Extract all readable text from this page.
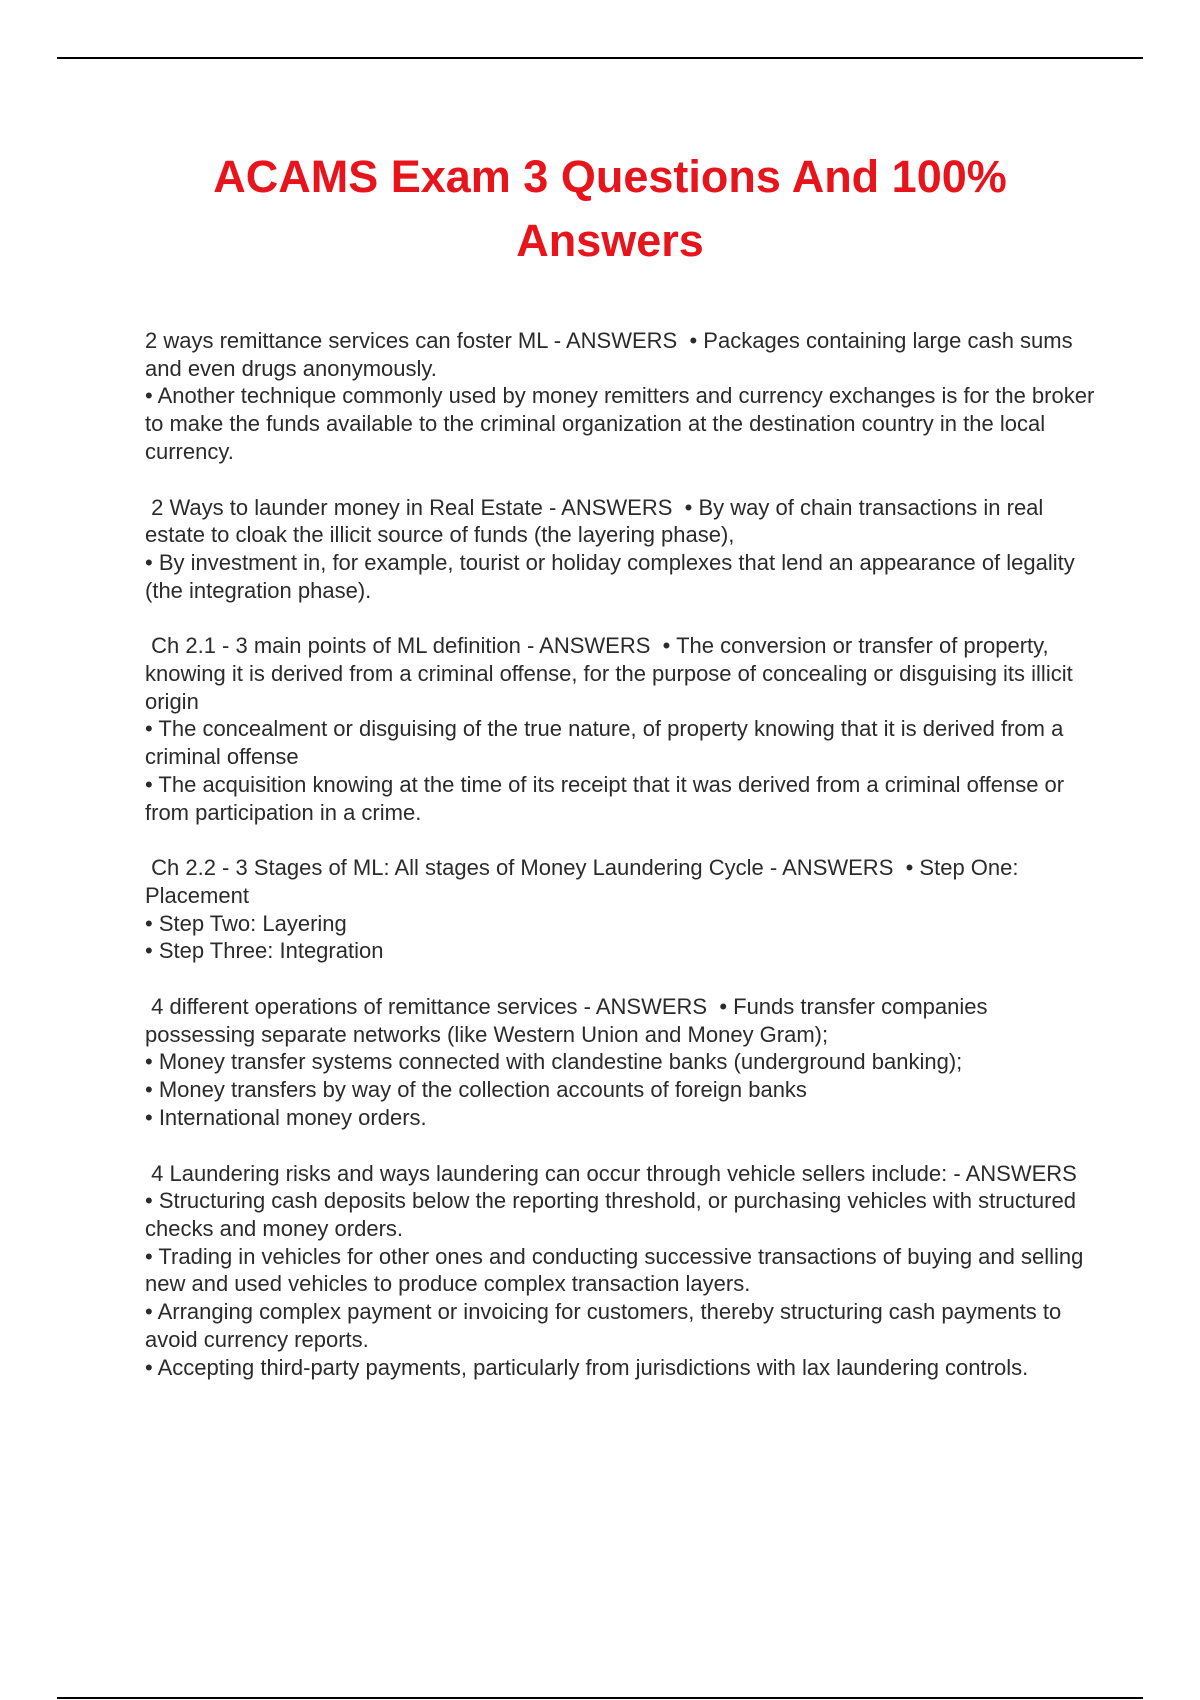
ACAMS Exam 3 Questions And 100% Answers
2 ways remittance services can foster ML - ANSWERS  • Packages containing large cash sums and even drugs anonymously.
• Another technique commonly used by money remitters and currency exchanges is for the broker to make the funds available to the criminal organization at the destination country in the local currency.
2 Ways to launder money in Real Estate - ANSWERS  • By way of chain transactions in real estate to cloak the illicit source of funds (the layering phase),
• By investment in, for example, tourist or holiday complexes that lend an appearance of legality (the integration phase).
Ch 2.1 - 3 main points of ML definition - ANSWERS  • The conversion or transfer of property, knowing it is derived from a criminal offense, for the purpose of concealing or disguising its illicit origin
• The concealment or disguising of the true nature, of property knowing that it is derived from a criminal offense
• The acquisition knowing at the time of its receipt that it was derived from a criminal offense or from participation in a crime.
Ch 2.2 - 3 Stages of ML: All stages of Money Laundering Cycle - ANSWERS  • Step One: Placement
• Step Two: Layering
• Step Three: Integration
4 different operations of remittance services - ANSWERS  • Funds transfer companies possessing separate networks (like Western Union and Money Gram);
• Money transfer systems connected with clandestine banks (underground banking);
• Money transfers by way of the collection accounts of foreign banks
• International money orders.
4 Laundering risks and ways laundering can occur through vehicle sellers include: - ANSWERS  • Structuring cash deposits below the reporting threshold, or purchasing vehicles with structured checks and money orders.
• Trading in vehicles for other ones and conducting successive transactions of buying and selling new and used vehicles to produce complex transaction layers.
• Arranging complex payment or invoicing for customers, thereby structuring cash payments to avoid currency reports.
• Accepting third-party payments, particularly from jurisdictions with lax laundering controls.
